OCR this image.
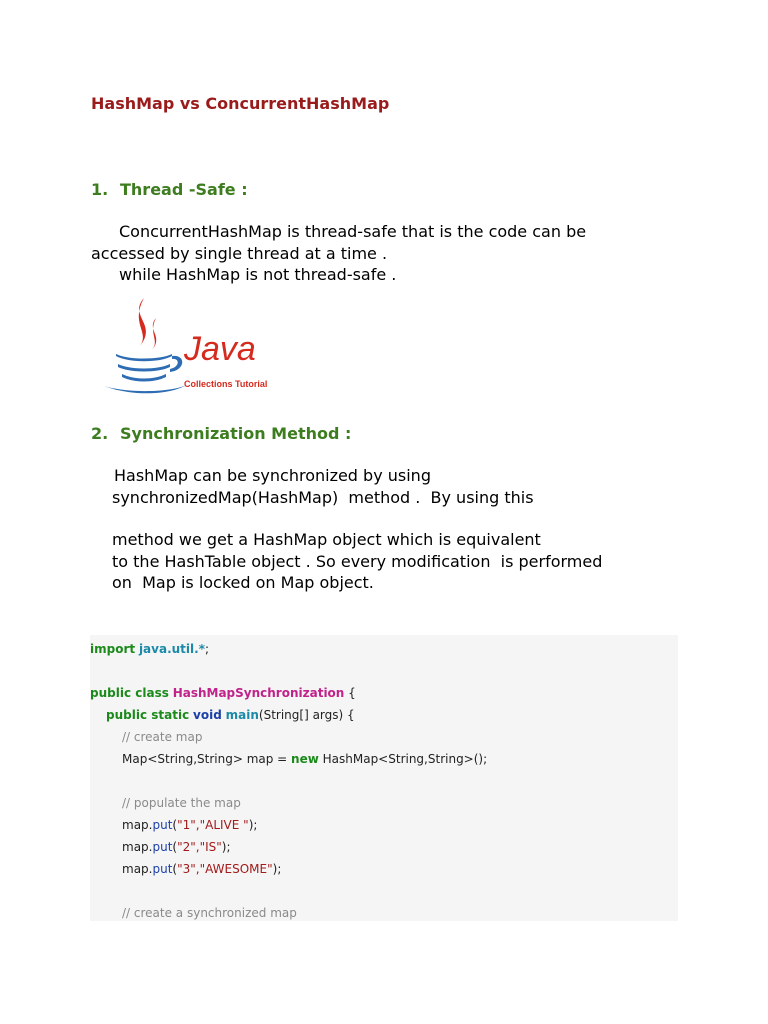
HashMap vs ConcurrentHashMap
1. Thread -Safe :

ConcurrentHashMap is thread-safe that is the code can be

accessed by single thread at a time .

while HashMap is not thread-safe .

Java
Collections Tutorial
2. Synchronization Method :

HashMap can be synchronized by using

synchronizedMap(HashMap)  method .  By using this

method we get a HashMap object which is equivalent

to the HashTable object . So every modification  is performed

on  Map is locked on Map object.

import java.util.*;
public class HashMapSynchronization {
public static void main(String[] args) {
// create map
Map<String,String> map = new HashMap<String,String>();
// populate the map
map.put("1","ALIVE ");
map.put("2","IS");
map.put("3","AWESOME");
// create a synchronized map
